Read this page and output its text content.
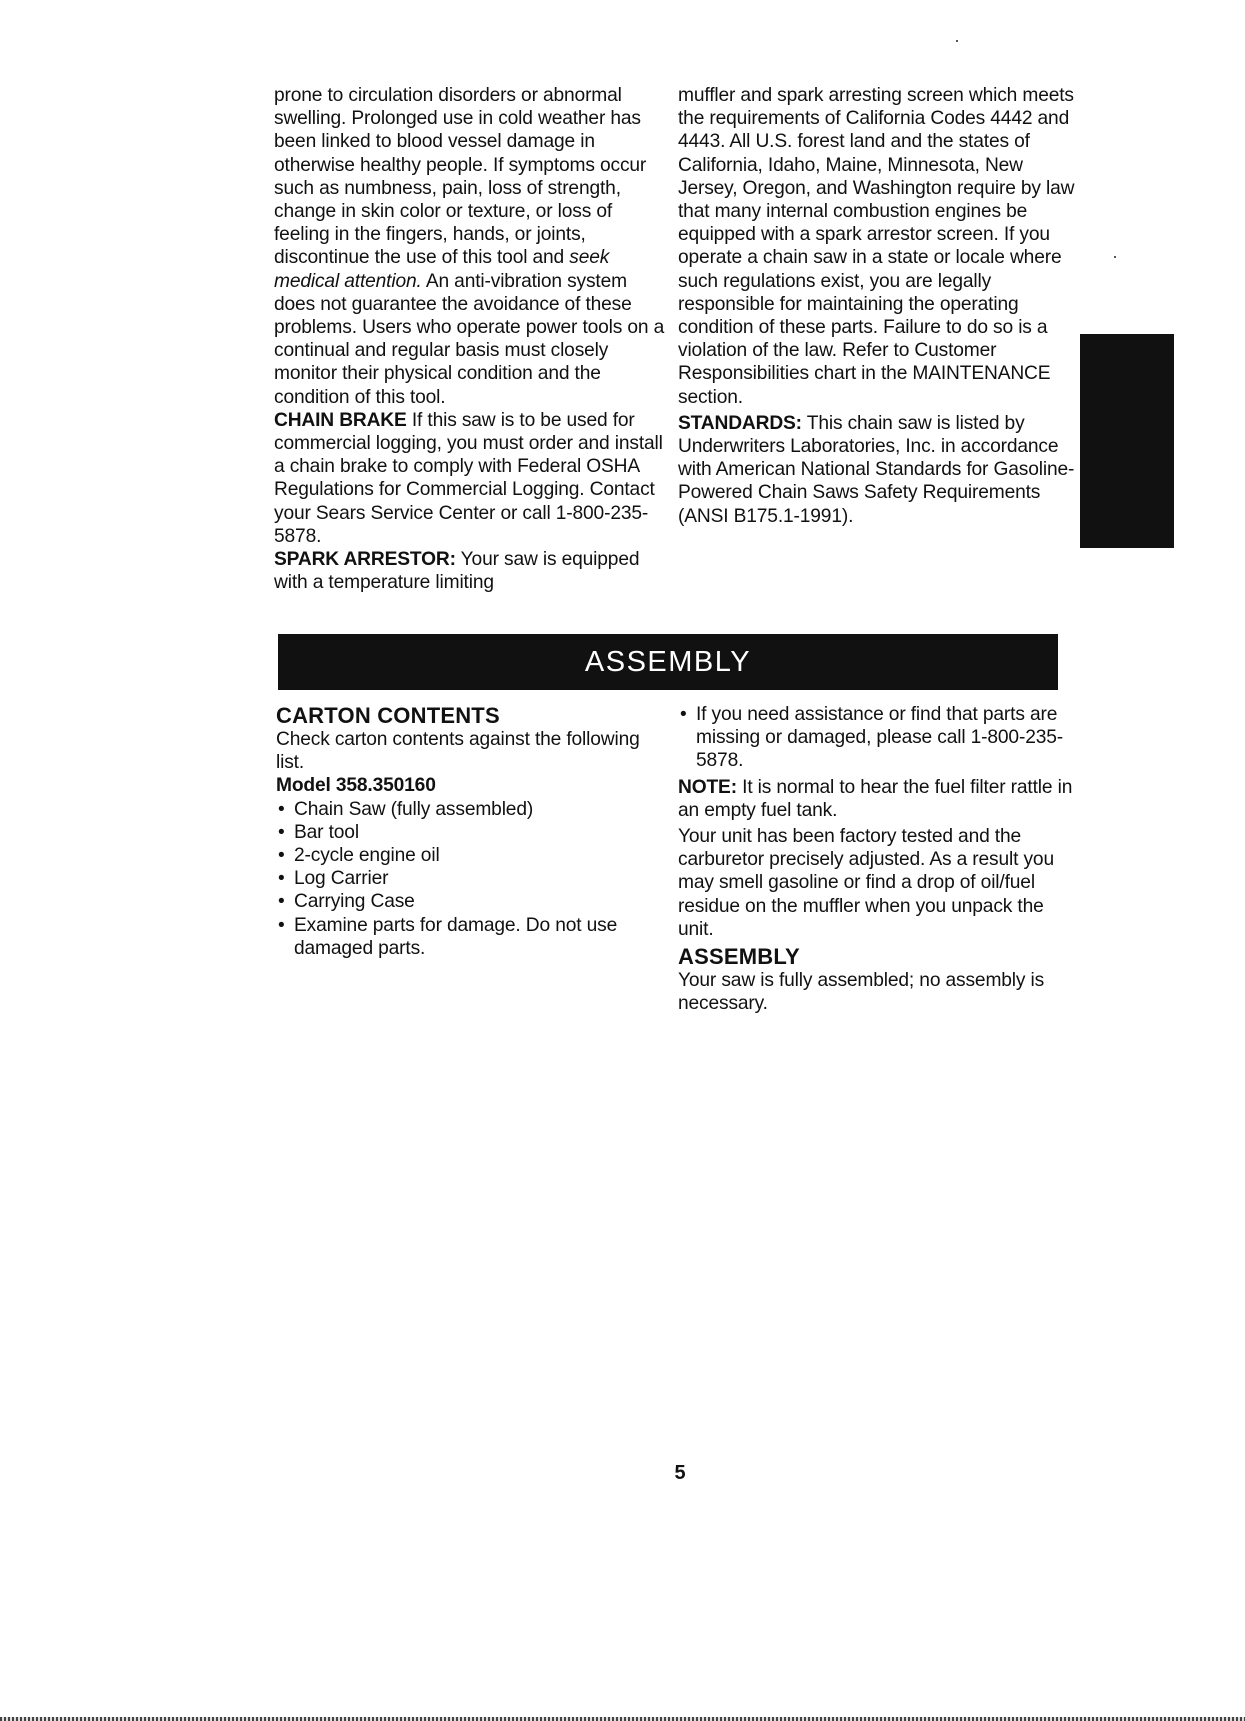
prone to circulation disorders or abnormal swelling. Prolonged use in cold weather has been linked to blood vessel damage in otherwise healthy people. If symptoms occur such as numbness, pain, loss of strength, change in skin color or texture, or loss of feeling in the fingers, hands, or joints, discontinue the use of this tool and seek medical attention. An anti-vibration system does not guarantee the avoidance of these problems. Users who operate power tools on a continual and regular basis must closely monitor their physical condition and the condition of this tool.

CHAIN BRAKE If this saw is to be used for commercial logging, you must order and install a chain brake to comply with Federal OSHA Regulations for Commercial Logging. Contact your Sears Service Center or call 1-800-235-5878.

SPARK ARRESTOR: Your saw is equipped with a temperature limiting

muffler and spark arresting screen which meets the requirements of California Codes 4442 and 4443. All U.S. forest land and the states of California, Idaho, Maine, Minnesota, New Jersey, Oregon, and Washington require by law that many internal combustion engines be equipped with a spark arrestor screen. If you operate a chain saw in a state or locale where such regulations exist, you are legally responsible for maintaining the operating condition of these parts. Failure to do so is a violation of the law. Refer to Customer Responsibilities chart in the MAINTENANCE section.

STANDARDS: This chain saw is listed by Underwriters Laboratories, Inc. in accordance with American National Standards for Gasoline-Powered Chain Saws Safety Requirements (ANSI B175.1-1991).

ASSEMBLY

CARTON CONTENTS

Check carton contents against the following list.

Model 358.350160

• Chain Saw (fully assembled)
• Bar tool
• 2-cycle engine oil
• Log Carrier
• Carrying Case
• Examine parts for damage. Do not use damaged parts.
• If you need assistance or find that parts are missing or damaged, please call 1-800-235-5878.

NOTE: It is normal to hear the fuel filter rattle in an empty fuel tank.

Your unit has been factory tested and the carburetor precisely adjusted. As a result you may smell gasoline or find a drop of oil/fuel residue on the muffler when you unpack the unit.

ASSEMBLY

Your saw is fully assembled; no assembly is necessary.

5
